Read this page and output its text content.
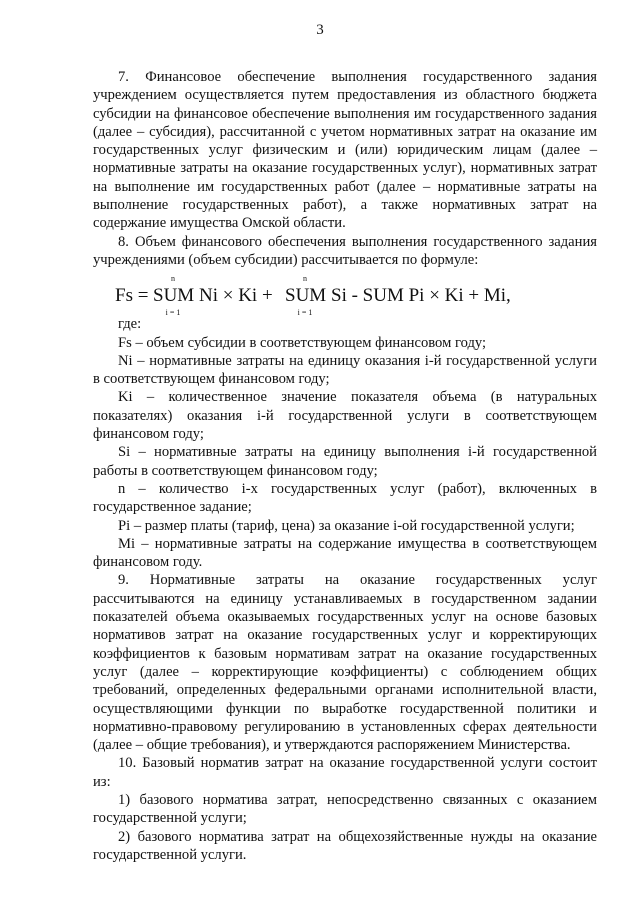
3

7. Финансовое обеспечение выполнения государственного задания учреждением осуществляется путем предоставления из областного бюджета субсидии на финансовое обеспечение выполнения им государственного задания (далее – субсидия), рассчитанной с учетом нормативных затрат на оказание им государственных услуг физическим и (или) юридическим лицам (далее – нормативные затраты на оказание государственных услуг), нормативных затрат на выполнение им государственных работ (далее – нормативные затраты на выполнение государственных работ), а также нормативных затрат на содержание имущества Омской области.

8. Объем финансового обеспечения выполнения государственного задания учреждениями (объем субсидии) рассчитывается по формуле:

Fs = SUM
n
i = 1
Ni × Ki + SUM
n
i = 1
Si - SUM Pi × Ki + Mi,

где:

Fs – объем субсидии в соответствующем финансовом году;

Ni – нормативные затраты на единицу оказания i-й государственной услуги в соответствующем финансовом году;

Ki – количественное значение показателя объема (в натуральных показателях) оказания i-й государственной услуги в соответствующем финансовом году;

Si – нормативные затраты на единицу выполнения i-й государственной работы в соответствующем финансовом году;

n – количество i-х государственных услуг (работ), включенных в государственное задание;

Pi – размер платы (тариф, цена) за оказание i-ой государственной услуги;

Mi – нормативные затраты на содержание имущества в соответствующем финансовом году.

9. Нормативные затраты на оказание государственных услуг рассчитываются на единицу устанавливаемых в государственном задании показателей объема оказываемых государственных услуг на основе базовых нормативов затрат на оказание государственных услуг и корректирующих коэффициентов к базовым нормативам затрат на оказание государственных услуг (далее – корректирующие коэффициенты) с соблюдением общих требований, определенных федеральными органами исполнительной власти, осуществляющими функции по выработке государственной политики и нормативно-правовому регулированию в установленных сферах деятельности (далее – общие требования), и утверждаются распоряжением Министерства.

10. Базовый норматив затрат на оказание государственной услуги состоит из:

1) базового норматива затрат, непосредственно связанных с оказанием государственной услуги;

2) базового норматива затрат на общехозяйственные нужды на оказание государственной услуги.
